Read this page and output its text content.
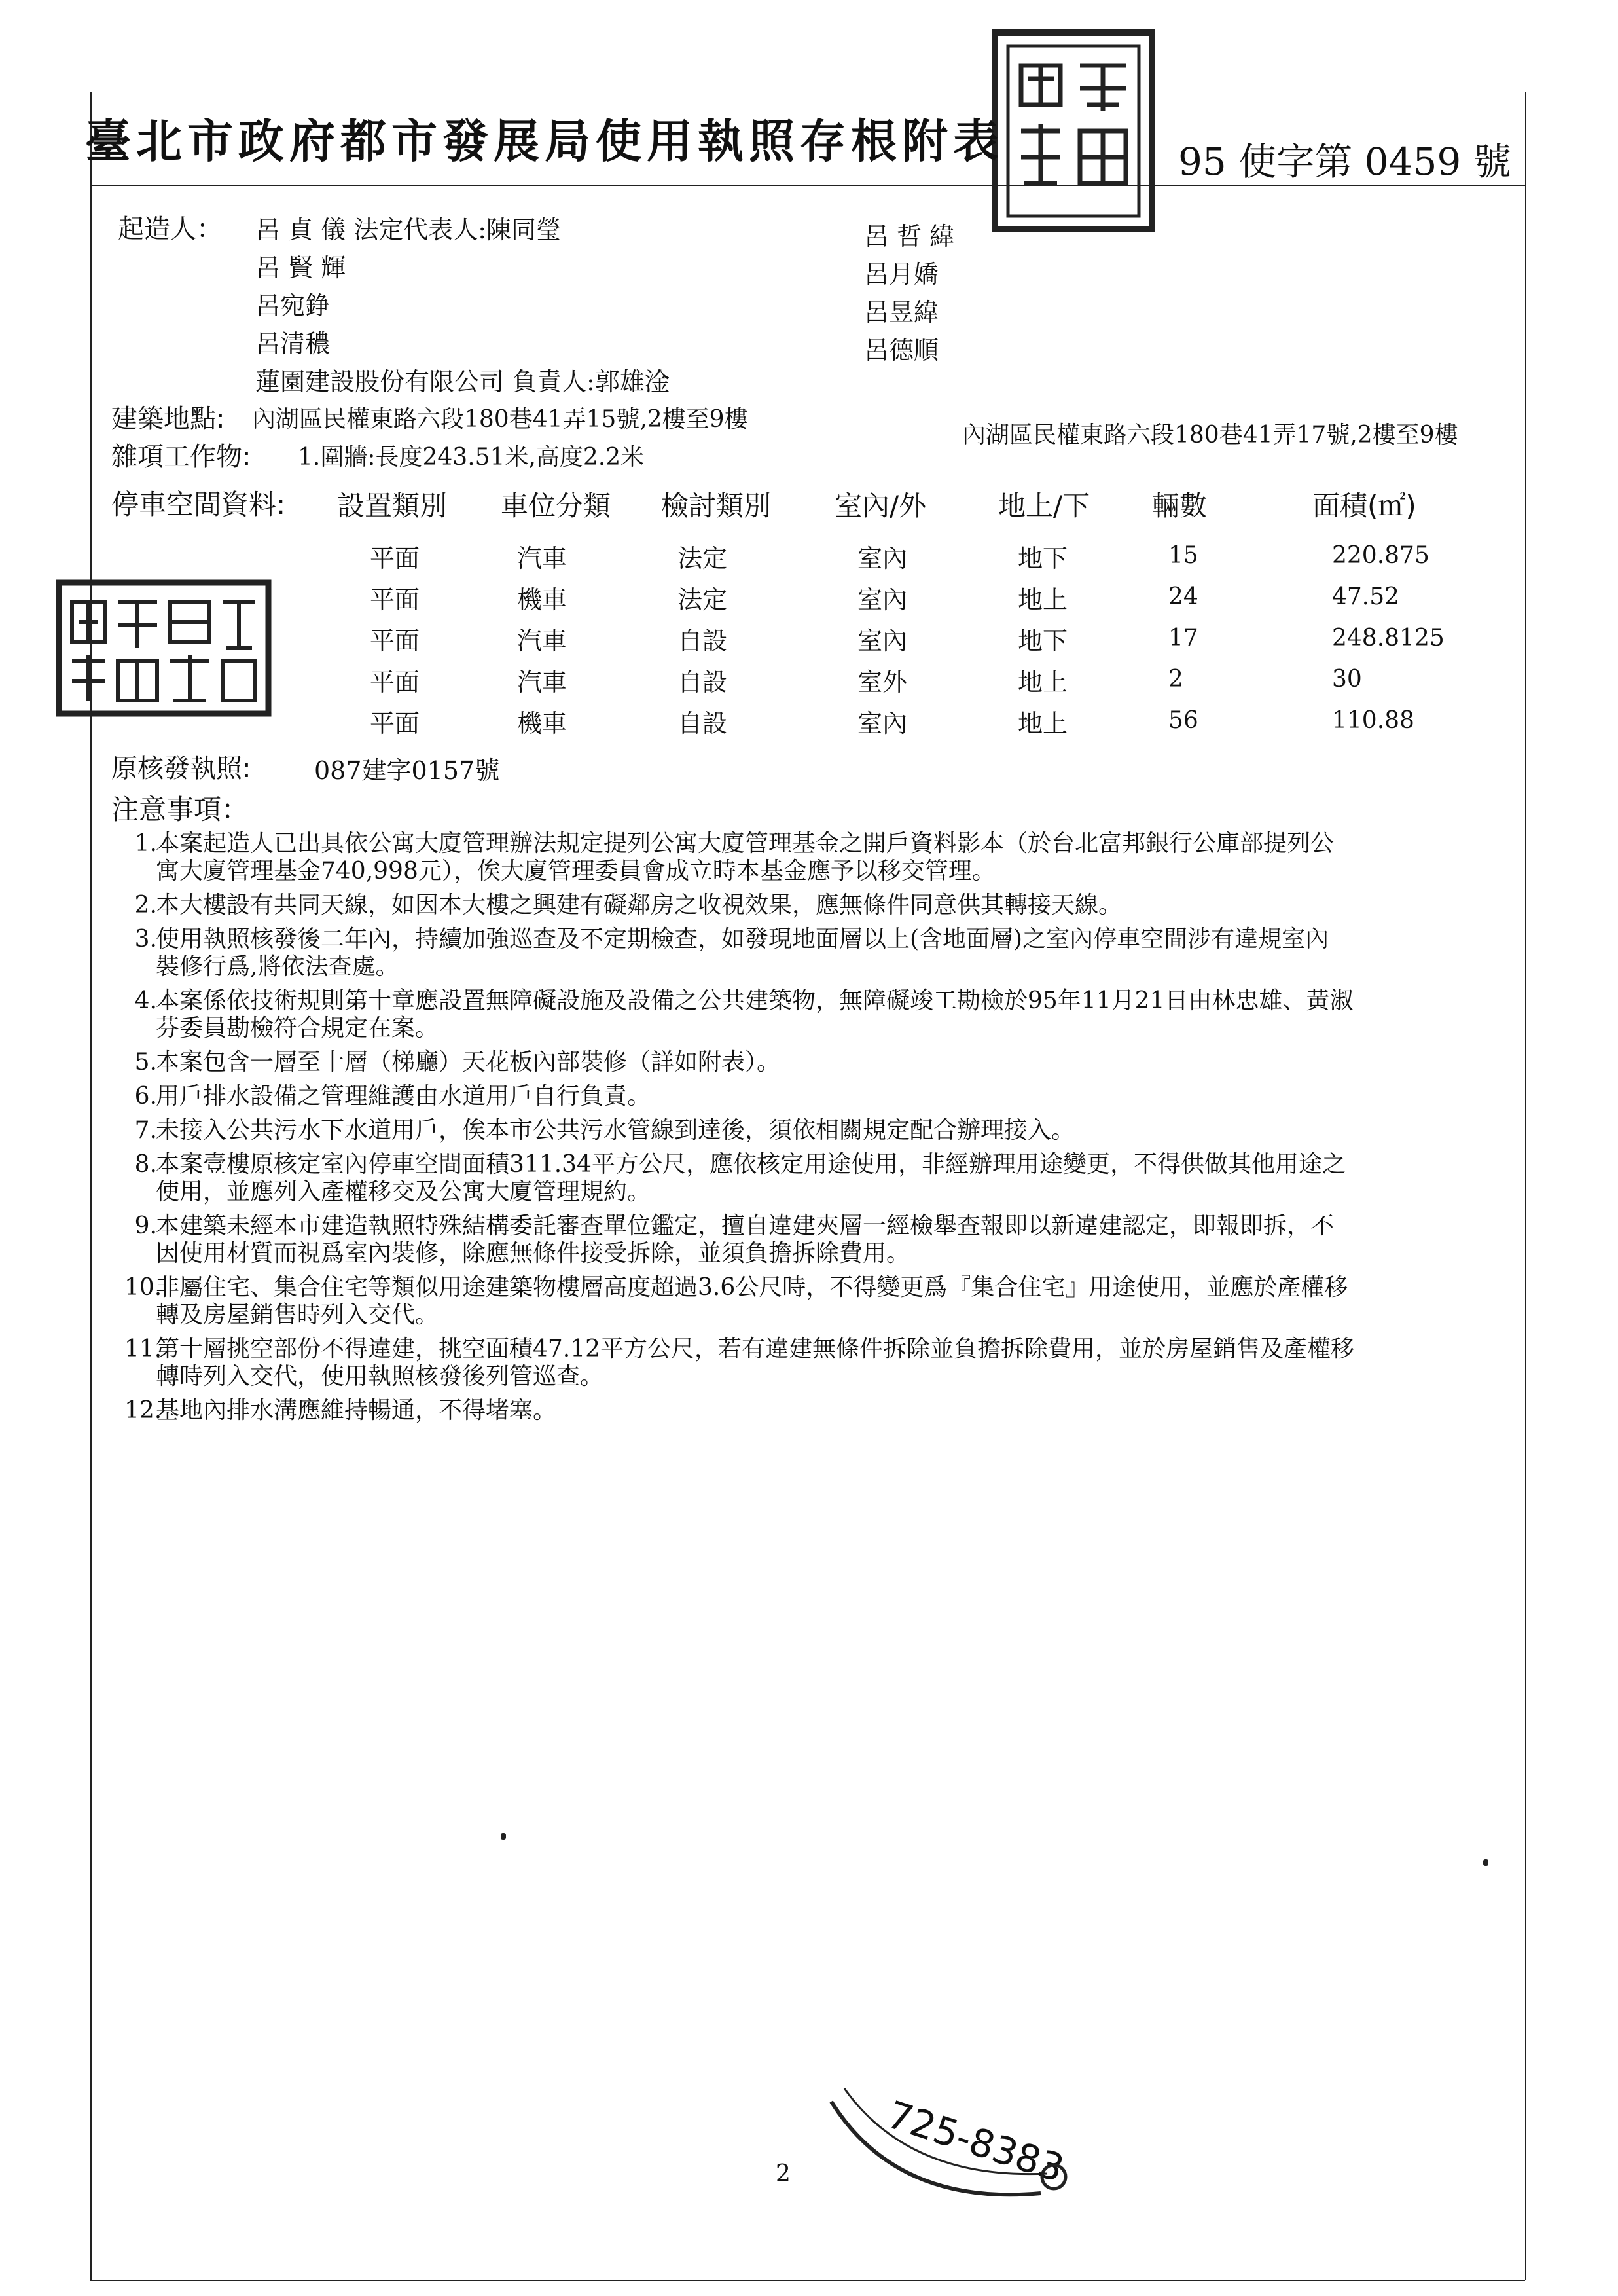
725-8383
臺北市政府都市發展局使用執照存根附表	95 使字第 0459 號
起造人： 呂 貞 儀 法定代表人:陳同瑩
呂 賢 輝
呂宛錚
呂清穠
蓮園建設股份有限公司 負責人:郭雄淦
呂 哲 緯
呂月嬌
呂昱緯
呂德順
建築地點: 內湖區民權東路六段180巷41弄15號,2樓至9樓
內湖區民權東路六段180巷41弄17號,2樓至9樓
雜項工作物: 1.圍牆:長度243.51米,高度2.2米
停車空間資料: 設置類別 車位分類 檢討類別 室內/外	地上/下 輛數	面積(㎡)
平面	汽車	法定	室內	地下	15	220.875
平面	機車	法定	室內	地上	24	47.52
平面	汽車	自設	室內	地下	17	248.8125
平面	汽車	自設	室外	地上	2	30
平面	機車	自設	室內	地上	56	110.88
原核發執照:	087建字0157號
注意事項：
1.
本案起造人已出具依公寓大廈管理辦法規定提列公寓大廈管理基金之開戶資料影本（於台北富邦銀行公庫部提列公
寓大廈管理基金740,998元），俟大廈管理委員會成立時本基金應予以移交管理。
2.
本大樓設有共同天線，如因本大樓之興建有礙鄰房之收視效果，應無條件同意供其轉接天線。
3.
使用執照核發後二年內，持續加強巡查及不定期檢查，如發現地面層以上(含地面層)之室內停車空間涉有違規室內
裝修行爲,將依法查處。
4.
本案係依技術規則第十章應設置無障礙設施及設備之公共建築物，無障礙竣工勘檢於95年11月21日由林忠雄、黃淑
芬委員勘檢符合規定在案。
5.
本案包含一層至十層（梯廳）天花板內部裝修（詳如附表）。
6.
用戶排水設備之管理維護由水道用戶自行負責。
7.
未接入公共污水下水道用戶，俟本市公共污水管線到達後，須依相關規定配合辦理接入。
8.
本案壹樓原核定室內停車空間面積311.34平方公尺，應依核定用途使用，非經辦理用途變更，不得供做其他用途之
使用，並應列入產權移交及公寓大廈管理規約。
9.
本建築未經本市建造執照特殊結構委託審查單位鑑定，擅自違建夾層一經檢舉查報即以新違建認定，即報即拆，不
因使用材質而視爲室內裝修，除應無條件接受拆除，並須負擔拆除費用。
10.
非屬住宅、集合住宅等類似用途建築物樓層高度超過3.6公尺時，不得變更爲『集合住宅』用途使用，並應於產權移
轉及房屋銷售時列入交代。
11.
第十層挑空部份不得違建，挑空面積47.12平方公尺，若有違建無條件拆除並負擔拆除費用，並於房屋銷售及產權移
轉時列入交代，使用執照核發後列管巡查。
12.
基地內排水溝應維持暢通，不得堵塞。
2
